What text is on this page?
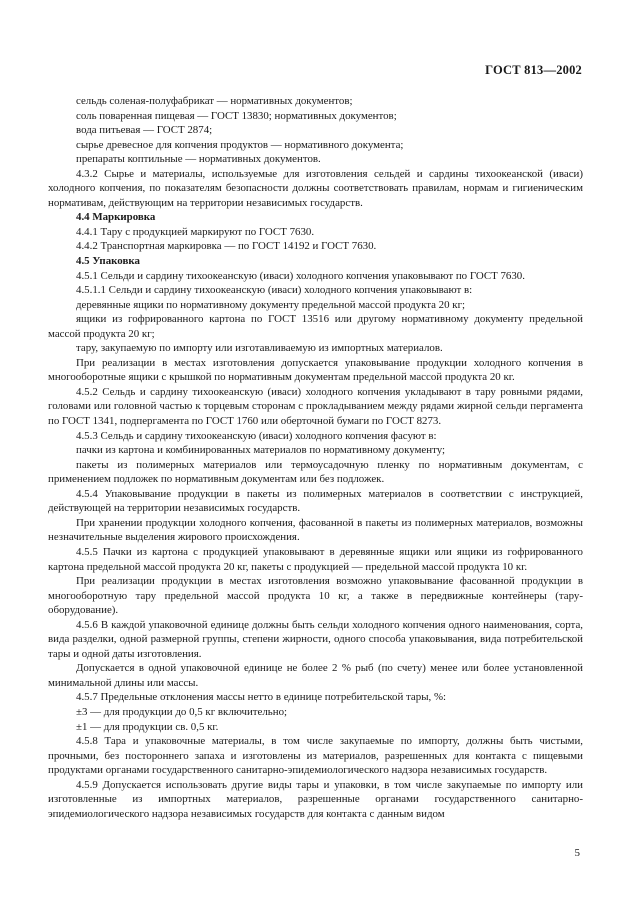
ГОСТ 813—2002

сельдь соленая-полуфабрикат — нормативных документов;

соль поваренная пищевая — ГОСТ 13830; нормативных документов;

вода питьевая — ГОСТ 2874;

сырье древесное для копчения продуктов — нормативного документа;

препараты коптильные — нормативных документов.

4.3.2 Сырье и материалы, используемые для изготовления сельдей и сардины тихоокеанской (иваси) холодного копчения, по показателям безопасности должны соответствовать правилам, нормам и гигиеническим нормативам, действующим на территории независимых государств.

4.4 Маркировка

4.4.1 Тару с продукцией маркируют по ГОСТ 7630.

4.4.2 Транспортная маркировка — по ГОСТ 14192 и ГОСТ 7630.

4.5 Упаковка

4.5.1 Сельди и сардину тихоокеанскую (иваси) холодного копчения упаковывают по ГОСТ 7630.

4.5.1.1 Сельди и сардину тихоокеанскую (иваси) холодного копчения упаковывают в:

деревянные ящики по нормативному документу предельной массой продукта 20 кг;

ящики из гофрированного картона по ГОСТ 13516 или другому нормативному документу предельной массой продукта 20 кг;

тару, закупаемую по импорту или изготавливаемую из импортных материалов.

При реализации в местах изготовления допускается упаковывание продукции холодного копчения в многооборотные ящики с крышкой по нормативным документам предельной массой продукта 20 кг.

4.5.2 Сельдь и сардину тихоокеанскую (иваси) холодного копчения укладывают в тару ровными рядами, головами или головной частью к торцевым сторонам с прокладыванием между рядами жирной сельди пергамента по ГОСТ 1341, подпергамента по ГОСТ 1760 или оберточной бумаги по ГОСТ 8273.

4.5.3 Сельдь и сардину тихоокеанскую (иваси) холодного копчения фасуют в:

пачки из картона и комбинированных материалов по нормативному документу;

пакеты из полимерных материалов или термоусадочную пленку по нормативным документам, с применением подложек по нормативным документам или без подложек.

4.5.4 Упаковывание продукции в пакеты из полимерных материалов в соответствии с инструкцией, действующей на территории независимых государств.

При хранении продукции холодного копчения, фасованной в пакеты из полимерных материалов, возможны незначительные выделения жирового происхождения.

4.5.5 Пачки из картона с продукцией упаковывают в деревянные ящики или ящики из гофрированного картона предельной массой продукта 20 кг, пакеты с продукцией — предельной массой продукта 10 кг.

При реализации продукции в местах изготовления возможно упаковывание фасованной продукции в многооборотную тару предельной массой продукта 10 кг, а также в передвижные контейнеры (тару-оборудование).

4.5.6 В каждой упаковочной единице должны быть сельди холодного копчения одного наименования, сорта, вида разделки, одной размерной группы, степени жирности, одного способа упаковывания, вида потребительской тары и одной даты изготовления.

Допускается в одной упаковочной единице не более 2 % рыб (по счету) менее или более установленной минимальной длины или массы.

4.5.7 Предельные отклонения массы нетто в единице потребительской тары, %:

±3 — для продукции до 0,5 кг включительно;

±1 — для продукции св. 0,5 кг.

4.5.8 Тара и упаковочные материалы, в том числе закупаемые по импорту, должны быть чистыми, прочными, без постороннего запаха и изготовлены из материалов, разрешенных для контакта с пищевыми продуктами органами государственного санитарно-эпидемиологического надзора независимых государств.

4.5.9 Допускается использовать другие виды тары и упаковки, в том числе закупаемые по импорту или изготовленные из импортных материалов, разрешенные органами государственного санитарно-эпидемиологического надзора независимых государств для контакта с данным видом

5
